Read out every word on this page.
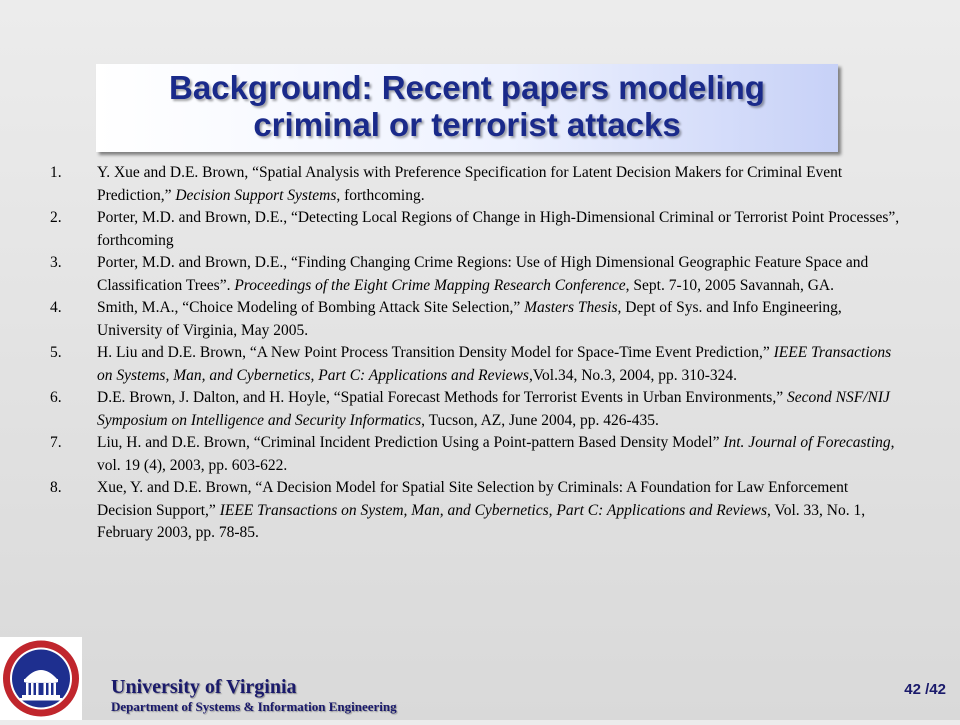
Background: Recent papers modeling
criminal or terrorist attacks
1. Y. Xue and D.E. Brown, “Spatial Analysis with Preference Specification for Latent Decision Makers for Criminal Event Prediction,” Decision Support Systems, forthcoming.
2. Porter, M.D. and Brown, D.E., “Detecting Local Regions of Change in High-Dimensional Criminal or Terrorist Point Processes”, forthcoming
3. Porter, M.D. and Brown, D.E., “Finding Changing Crime Regions: Use of High Dimensional Geographic Feature Space and Classification Trees”. Proceedings of the Eight Crime Mapping Research Conference, Sept. 7-10, 2005 Savannah, GA.
4. Smith, M.A., “Choice Modeling of Bombing Attack Site Selection,” Masters Thesis, Dept of Sys. and Info Engineering, University of Virginia, May 2005.
5. H. Liu and D.E. Brown, “A New Point Process Transition Density Model for Space-Time Event Prediction,” IEEE Transactions on Systems, Man, and Cybernetics, Part C: Applications and Reviews,Vol.34, No.3, 2004, pp. 310-324.
6. D.E. Brown, J. Dalton, and H. Hoyle, “Spatial Forecast Methods for Terrorist Events in Urban Environments,” Second NSF/NIJ Symposium on Intelligence and Security Informatics, Tucson, AZ, June 2004, pp. 426-435.
7. Liu, H. and D.E. Brown, “Criminal Incident Prediction Using a Point-pattern Based Density Model” Int. Journal of Forecasting, vol. 19 (4), 2003, pp. 603-622.
8. Xue, Y. and D.E. Brown, “A Decision Model for Spatial Site Selection by Criminals: A Foundation for Law Enforcement Decision Support,” IEEE Transactions on System, Man, and Cybernetics, Part C: Applications and Reviews, Vol. 33, No. 1, February 2003, pp. 78-85.
University of Virginia
Department of Systems & Information Engineering
42 /42
